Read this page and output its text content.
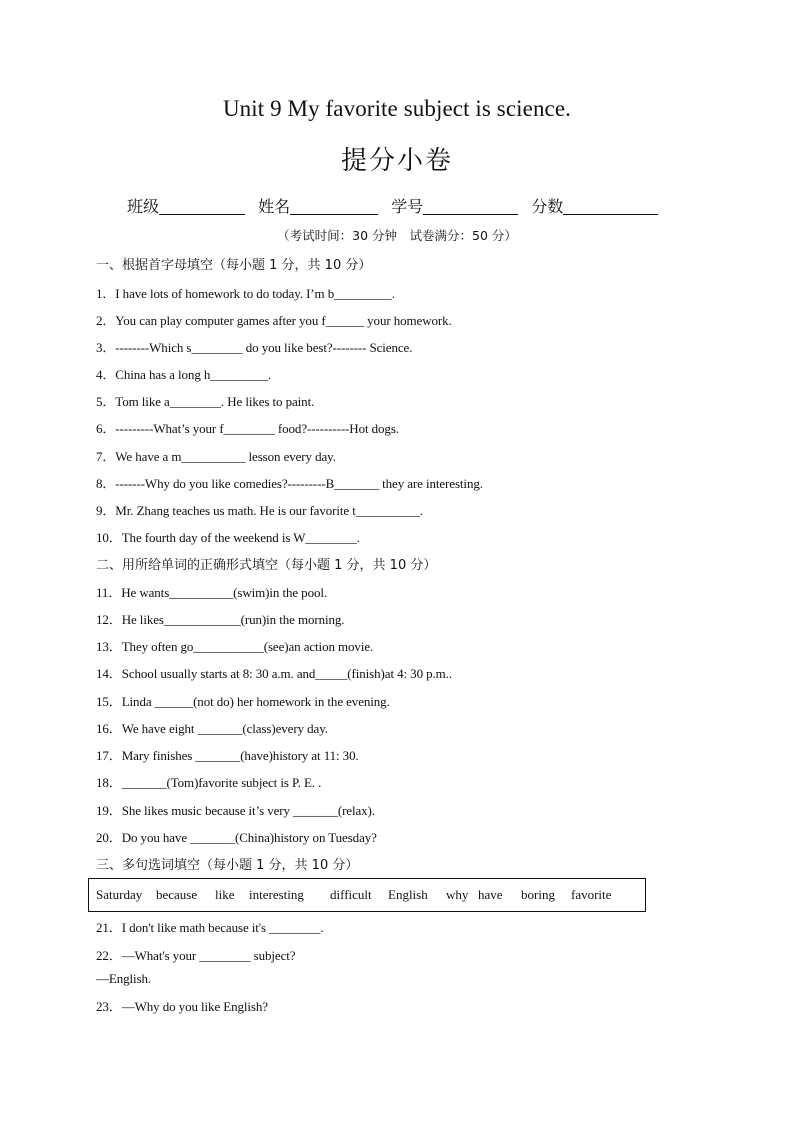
Unit 9 My favorite subject is science.
提分小卷
班级	姓名	学号	分数
（考试时间：30 分钟　试卷满分：50 分）
一、根据首字母填空（每小题 1 分，共 10 分）
1．I have lots of homework to do today. I’m b_________.
2．You can play computer games after you f______ your homework.
3．--------Which s________ do you like best?-------- Science.
4．China has a long h_________.
5．Tom like a________. He likes to paint.
6．---------What’s your f________ food?----------Hot dogs.
7．We have a m__________ lesson every day.
8．-------Why do you like comedies?---------B_______ they are interesting.
9．Mr. Zhang teaches us math. He is our favorite t__________.
10．The fourth day of the weekend is W________.
二、用所给单词的正确形式填空（每小题 1 分，共 10 分）
11．He wants__________(swim)in the pool.
12．He likes____________(run)in the morning.
13．They often go___________(see)an action movie.
14．School usually starts at 8: 30 a.m. and_____(finish)at 4: 30 p.m..
15．Linda ______(not do) her homework in the evening.
16．We have eight _______(class)every day.
17．Mary finishes _______(have)history at 11: 30.
18．_______(Tom)favorite subject is P. E. .
19．She likes music because it’s very _______(relax).
20．Do you have _______(China)history on Tuesday?
三、多句选词填空（每小题 1 分，共 10 分）
Saturday because like interesting difficult English why have boring favorite
21．I don't like math because it's ________.
22．—What's your ________ subject?
—English.
23．—Why do you like English?
